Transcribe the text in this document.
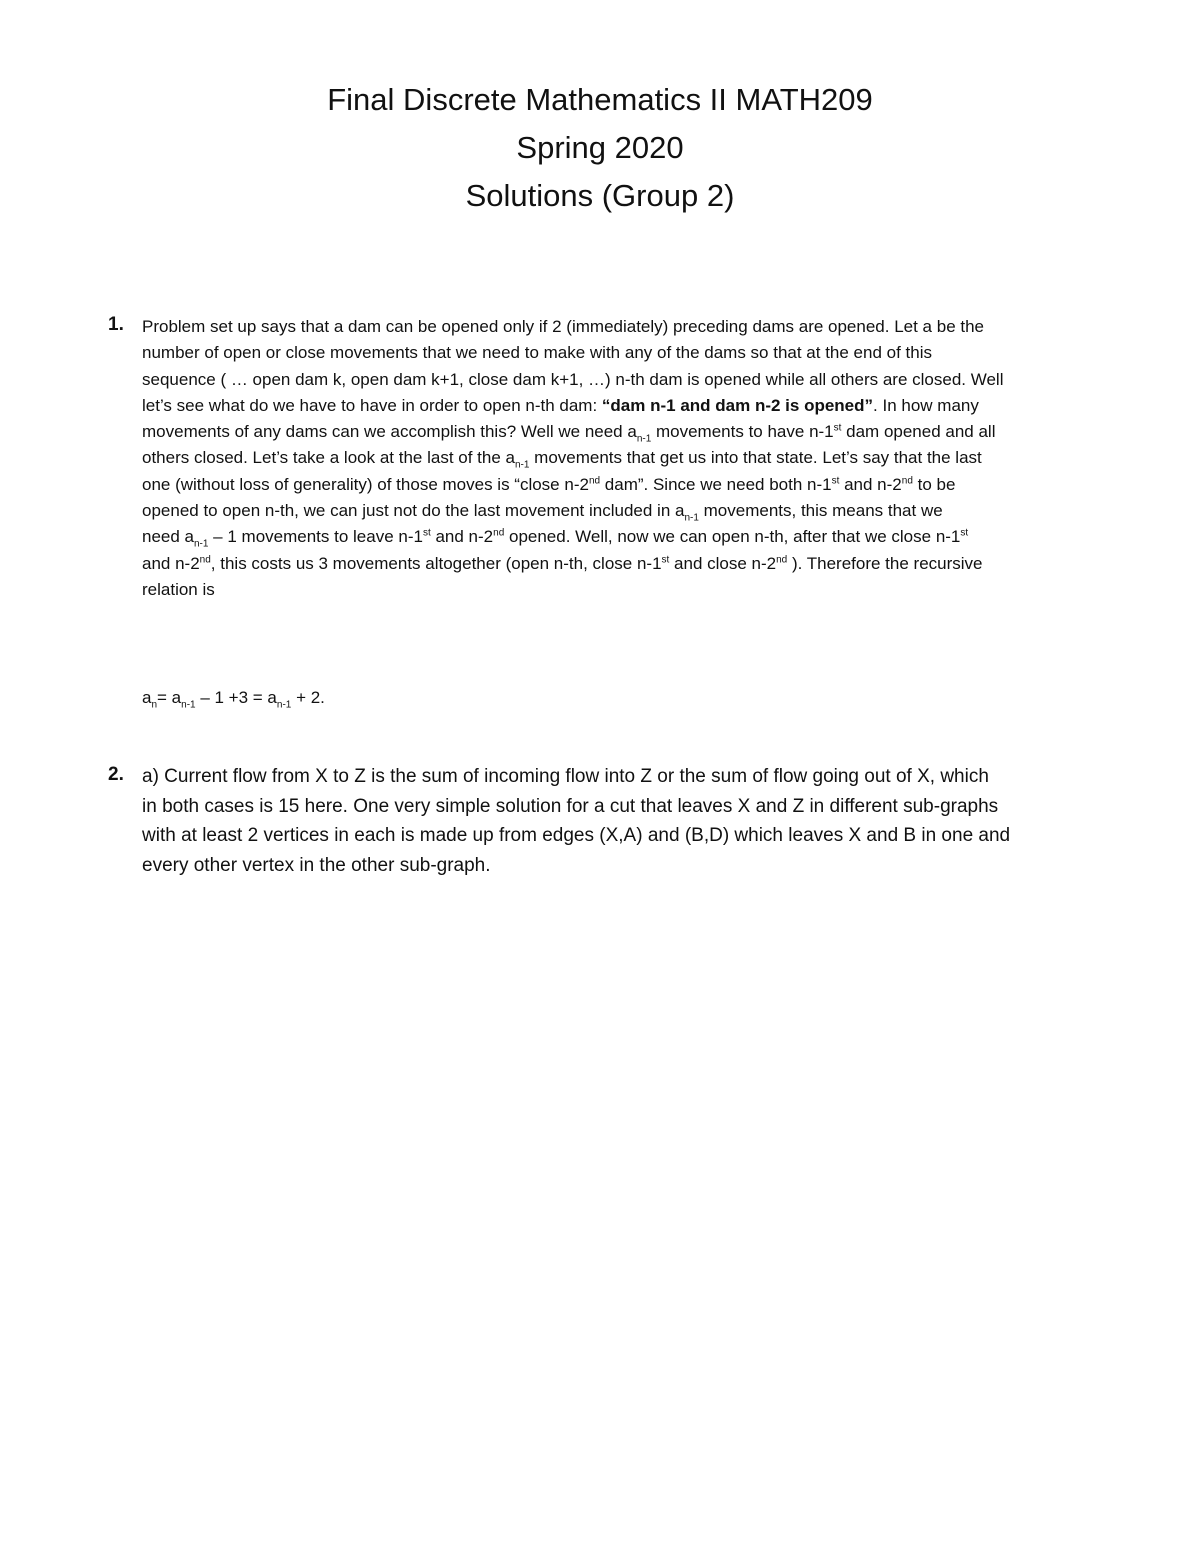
Final Discrete Mathematics II MATH209
Spring 2020
Solutions (Group 2)
1. Problem set up says that a dam can be opened only if 2 (immediately) preceding dams are opened. Let a be the
number of open or close movements that we need to make with any of the dams so that at the end of this
sequence ( … open dam k, open dam k+1, close dam k+1, …) n-th dam is opened while all others are closed. Well
let’s see what do we have to have in order to open n-th dam: “dam n-1 and dam n-2 is opened”. In how many
movements of any dams can we accomplish this? Well we need $a_{n-1}$ movements to have n-1st dam opened and all
others closed. Let’s take a look at the last of the $a_{n-1}$ movements that get us into that state. Let’s say that the last
one (without loss of generality) of those moves is “close n-2nd dam”. Since we need both n-1st and n-2nd to be
opened to open n-th, we can just not do the last movement included in $a_{n-1}$ movements, this means that we
need $a_{n-1} - 1$ movements to leave n-1st and n-2nd opened. Well, now we can open n-th, after that we close n-1st
and n-2nd, this costs us 3 movements altogether (open n-th, close n-1st and close n-2nd ). Therefore the recursive
relation is
$a_n= a_{n-1} - 1 +3 = a_{n-1} + 2$.
2. a) Current flow from X to Z is the sum of incoming flow into Z or the sum of flow going out of X, which
in both cases is 15 here. One very simple solution for a cut that leaves X and Z in different sub-graphs
with at least 2 vertices in each is made up from edges (X,A) and (B,D) which leaves X and B in one and
every other vertex in the other sub-graph.
